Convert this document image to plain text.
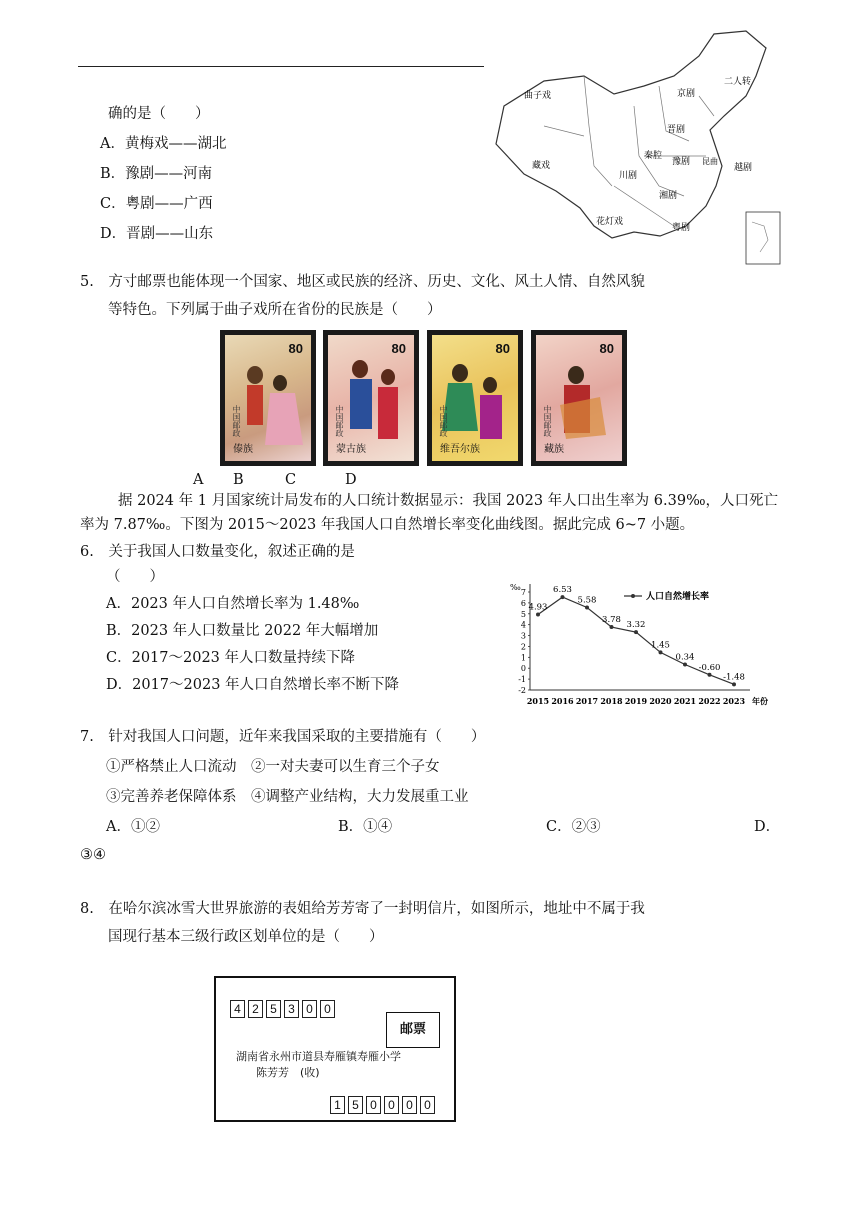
确的是（　　）
A．黄梅戏——湖北
B．豫剧——河南
C．粤剧——广西
D．晋剧——山东
曲子戏	京剧
二人转
晋剧
豫剧
秦腔
昆曲
川剧
越剧
湘剧
花灯戏
粤剧
藏戏
5.　方寸邮票也能体现一个国家、地区或民族的经济、历史、文化、风土人情、自然风貌
等特色。下列属于曲子戏所在省份的民族是（　　）
80
中国邮政
傣族
80
中国邮政
蒙古族
80
中国邮政
维吾尔族
80
中国邮政
藏族
A B	C	D
据 2024 年 1 月国家统计局发布的人口统计数据显示：我国 2023 年人口出生率为 6.39‰，人口死亡
率为 7.87‰。下图为 2015～2023 年我国人口自然增长率变化曲线图。据此完成 6~7 小题。
6.　关于我国人口数量变化，叙述正确的是
（　　）
A．2023 年人口自然增长率为 1.48‰
B．2023 年人口数量比 2022 年大幅增加
C．2017～2023 年人口数量持续下降
D．2017～2023 年人口自然增长率不断下降
‰
年份
-2
-1
0
1
2
3
4
5
6
7
2015 2016 2017 2018 2019 2020 2021 2022 2023
人口自然增长率
4.93
6.53
5.58
3.78
3.32
1.45
0.34
-0.60
-1.48
7.　针对我国人口问题，近年来我国采取的主要措施有（　　）
①严格禁止人口流动　②一对夫妻可以生育三个子女
③完善养老保障体系　④调整产业结构，大力发展重工业
A．①②	B．①④	C．②③	D．
③④
8.　在哈尔滨冰雪大世界旅游的表姐给芳芳寄了一封明信片，如图所示，地址中不属于我
国现行基本三级行政区划单位的是（　　）
4 2 5 3 0 0
邮票
湖南省永州市道县寿雁镇寿雁小学
陈芳芳　(收)
1 5 0 0 0 0
